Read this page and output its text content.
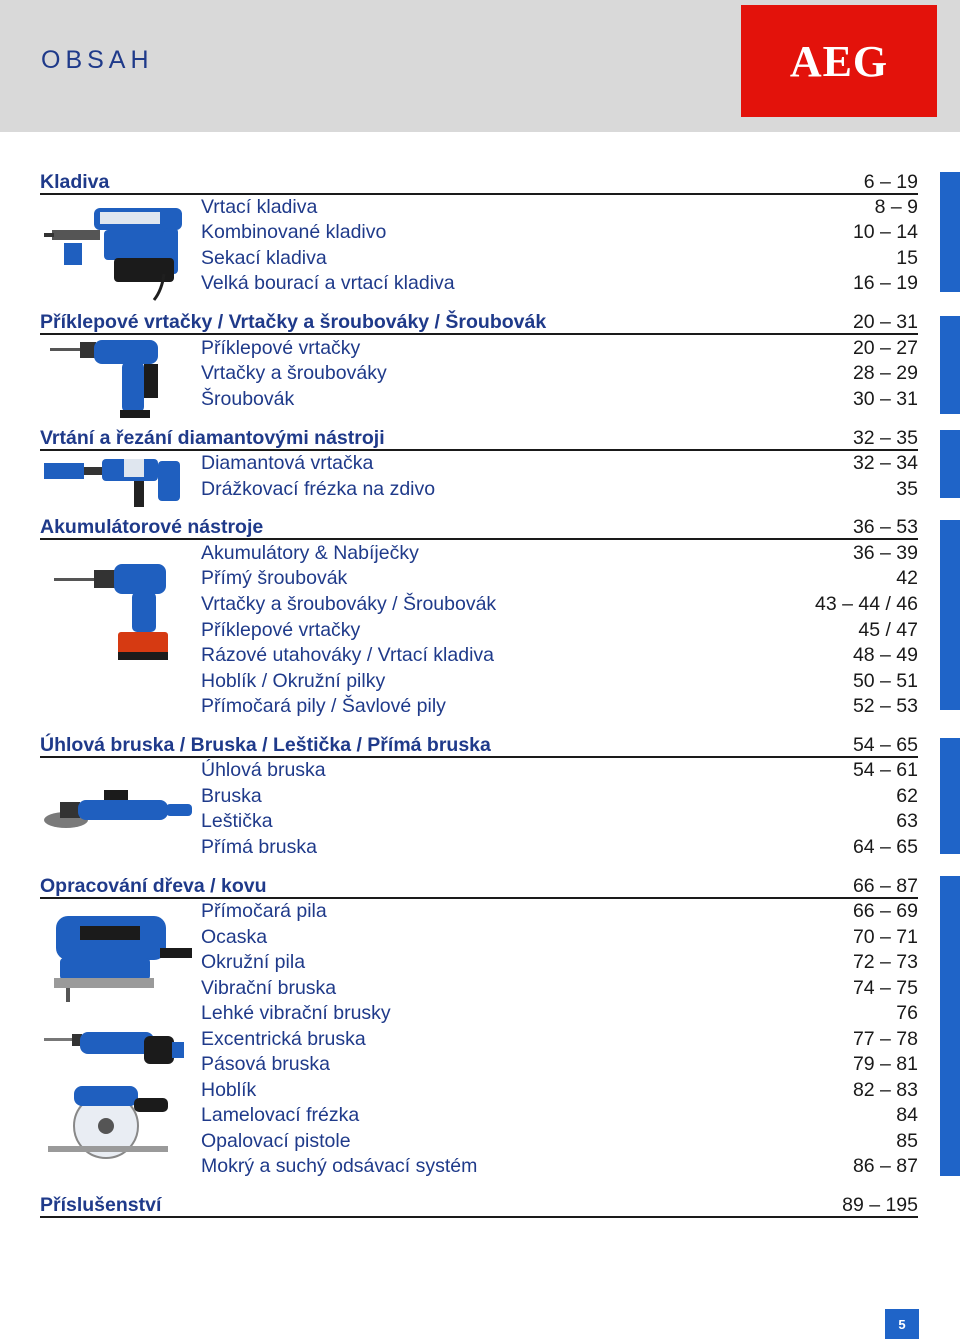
OBSAH	AEG
Kladiva	6 – 19
Vrtací kladiva	8 – 9
Kombinované kladivo	10 – 14
Sekací kladiva	15
Velká bourací a vrtací kladiva	16 – 19
Příklepové vrtačky / Vrtačky a šroubováky / Šroubovák	20 – 31
Příklepové vrtačky	20 – 27
Vrtačky a šroubováky	28 – 29
Šroubovák	30 – 31
Vrtání a řezání diamantovými nástroji	32 – 35
Diamantová vrtačka	32 – 34
Drážkovací frézka na zdivo	35
Akumulátorové nástroje	36 – 53
Akumulátory & Nabíječky	36 – 39
Přímý šroubovák	42
Vrtačky a šroubováky / Šroubovák	43 – 44 / 46
Příklepové vrtačky	45 / 47
Rázové utahováky / Vrtací kladiva	48 – 49
Hoblík / Okružní pilky	50 – 51
Přímočará pily / Šavlové pily	52 – 53
Úhlová bruska / Bruska / Leštička / Přímá bruska	54 – 65
Úhlová bruska	54 – 61
Bruska	62
Leštička	63
Přímá bruska	64 – 65
Opracování dřeva / kovu	66 – 87
Přímočará pila	66 – 69
Ocaska	70 – 71
Okružní pila	72 – 73
Vibrační bruska	74 – 75
Lehké vibrační brusky	76
Excentrická bruska	77 – 78
Pásová bruska	79 – 81
Hoblík	82 – 83
Lamelovací frézka	84
Opalovací pistole	85
Mokrý a suchý odsávací systém	86 – 87
Příslušenství	89 – 195
5
